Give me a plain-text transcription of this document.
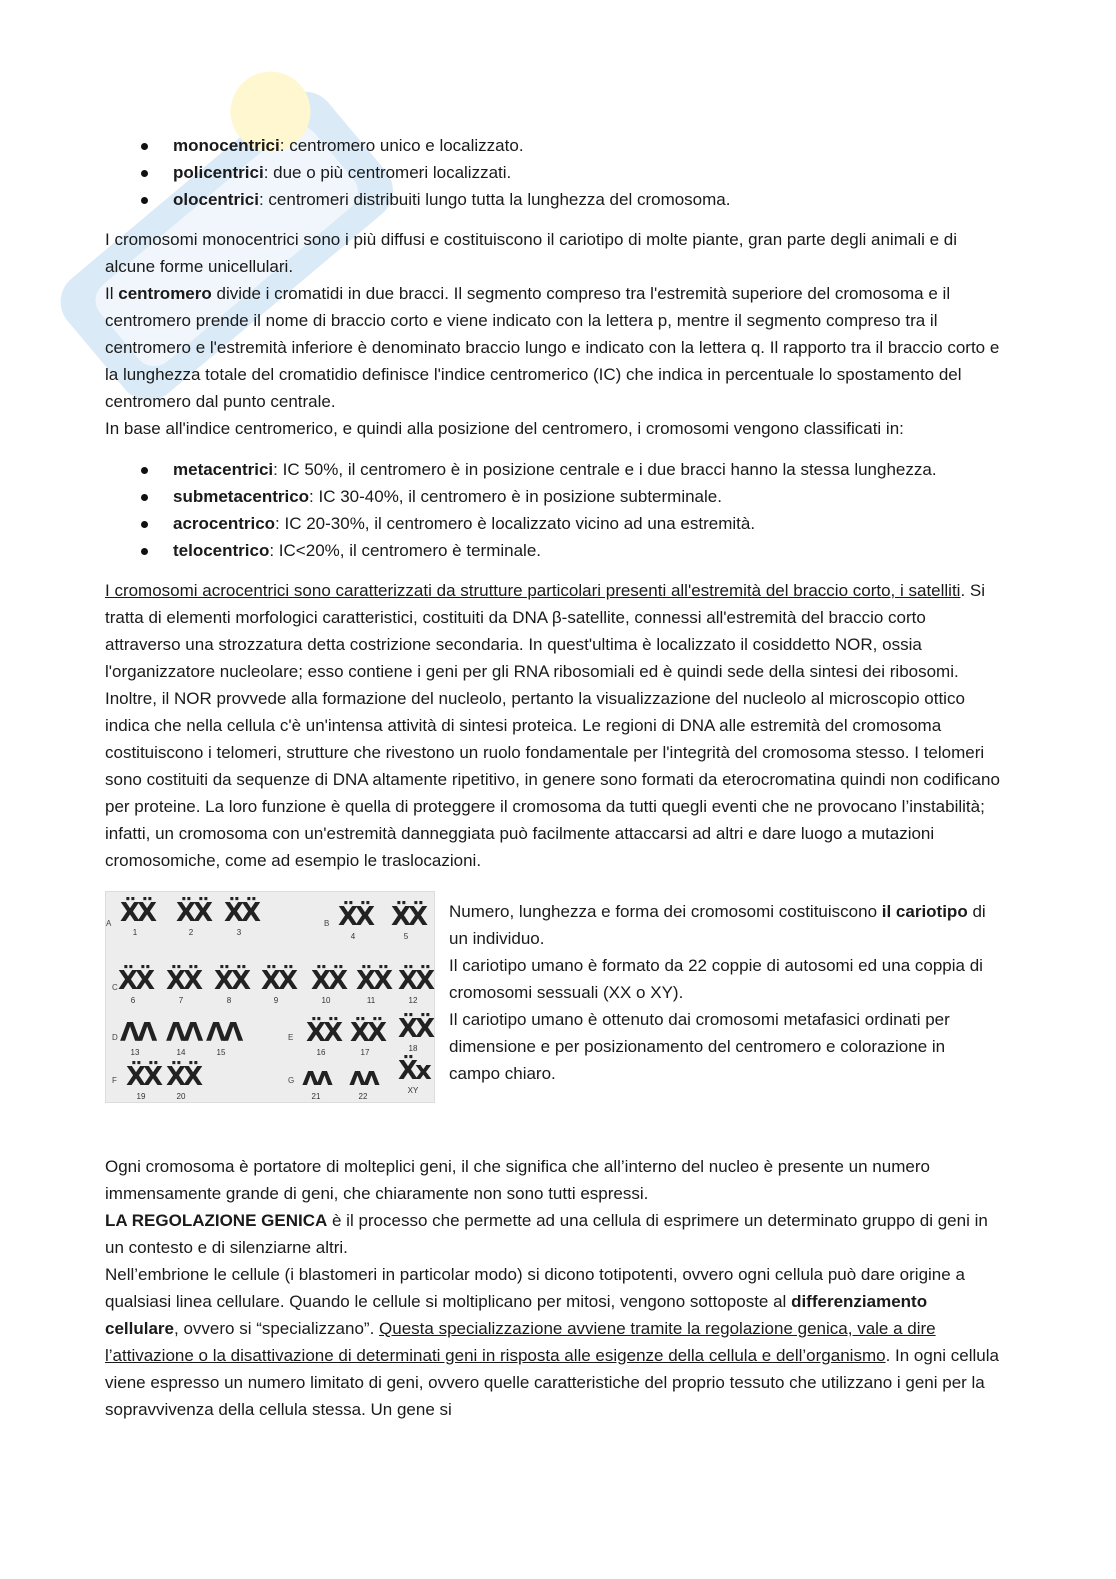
monocentrici: centromero unico e localizzato.
policentrici: due o più centromeri localizzati.
olocentrici: centromeri distribuiti lungo tutta la lunghezza del cromosoma.

I cromosomi monocentrici sono i più diffusi e costituiscono il cariotipo di molte piante, gran parte degli animali e di alcune forme unicellulari.

Il centromero divide i cromatidi in due bracci. Il segmento compreso tra l'estremità superiore del cromosoma e il centromero prende il nome di braccio corto e viene indicato con la lettera p, mentre il segmento compreso tra il centromero e l'estremità inferiore è denominato braccio lungo e indicato con la lettera q. Il rapporto tra il braccio corto e la lunghezza totale del cromatidio definisce l'indice centromerico (IC) che indica in percentuale lo spostamento del centromero dal punto centrale.

In base all'indice centromerico, e quindi alla posizione del centromero, i cromosomi vengono classificati in:

metacentrici: IC 50%, il centromero è in posizione centrale e i due bracci hanno la stessa lunghezza.
submetacentrico: IC 30-40%, il centromero è in posizione subterminale.
acrocentrico: IC 20-30%, il centromero è localizzato vicino ad una estremità.
telocentrico: IC<20%, il centromero è terminale.

I cromosomi acrocentrici sono caratterizzati da strutture particolari presenti all'estremità del braccio corto, i satelliti. Si tratta di elementi morfologici caratteristici, costituiti da DNA β-satellite, connessi all'estremità del braccio corto attraverso una strozzatura detta costrizione secondaria. In quest'ultima è localizzato il cosiddetto NOR, ossia l'organizzatore nucleolare; esso contiene i geni per gli RNA ribosomiali ed è quindi sede della sintesi dei ribosomi. Inoltre, il NOR provvede alla formazione del nucleolo, pertanto la visualizzazione del nucleolo al microscopio ottico indica che nella cellula c'è un'intensa attività di sintesi proteica. Le regioni di DNA alle estremità del cromosoma costituiscono i telomeri, strutture che rivestono un ruolo fondamentale per l'integrità del cromosoma stesso. I telomeri sono costituiti da sequenze di DNA altamente ripetitivo, in genere sono formati da eterocromatina quindi non codificano per proteine. La loro funzione è quella di proteggere il cromosoma da tutti quegli eventi che ne provocano l’instabilità; infatti, un cromosoma con un'estremità danneggiata può facilmente attaccarsi ad altri e dare luogo a mutazioni cromosomiche, come ad esempio le traslocazioni.

A	B
C
D	E
F	G
ẌẌ
1
ẌẌ
2
ẌẌ
3
ẌẌ
4
ẌẌ
5
ẌẌ
6
ẌẌ
7
ẌẌ
8
ẌẌ
9
ẌẌ
10
ẌẌ
11
ẌẌ
12
ΛΛ
13
ΛΛ
14
ΛΛ
15
ẌẌ
16
ẌẌ
17
ẌẌ
18
ẌẌ
19
ẌẌ
20
ʌʌ
21
ʌʌ
22
Ẍx
XY

Numero, lunghezza e forma dei cromosomi costituiscono il cariotipo di un individuo.

Il cariotipo umano è formato da 22 coppie di autosomi ed una coppia di cromosomi sessuali (XX o XY).

Il cariotipo umano è ottenuto dai cromosomi metafasici ordinati per dimensione e per posizionamento del centromero e colorazione in campo chiaro.

Ogni cromosoma è portatore di molteplici geni, il che significa che all’interno del nucleo è presente un numero immensamente grande di geni, che chiaramente non sono tutti espressi.

LA REGOLAZIONE GENICA è il processo che permette ad una cellula di esprimere un determinato gruppo di geni in un contesto e di silenziarne altri.

Nell’embrione le cellule (i blastomeri in particolar modo) si dicono totipotenti, ovvero ogni cellula può dare origine a qualsiasi linea cellulare. Quando le cellule si moltiplicano per mitosi, vengono sottoposte al differenziamento cellulare, ovvero si “specializzano”. Questa specializzazione avviene tramite la regolazione genica, vale a dire l’attivazione o la disattivazione di determinati geni in risposta alle esigenze della cellula e dell’organismo. In ogni cellula viene espresso un numero limitato di geni, ovvero quelle caratteristiche del proprio tessuto che utilizzano i geni per la sopravvivenza della cellula stessa. Un gene si
